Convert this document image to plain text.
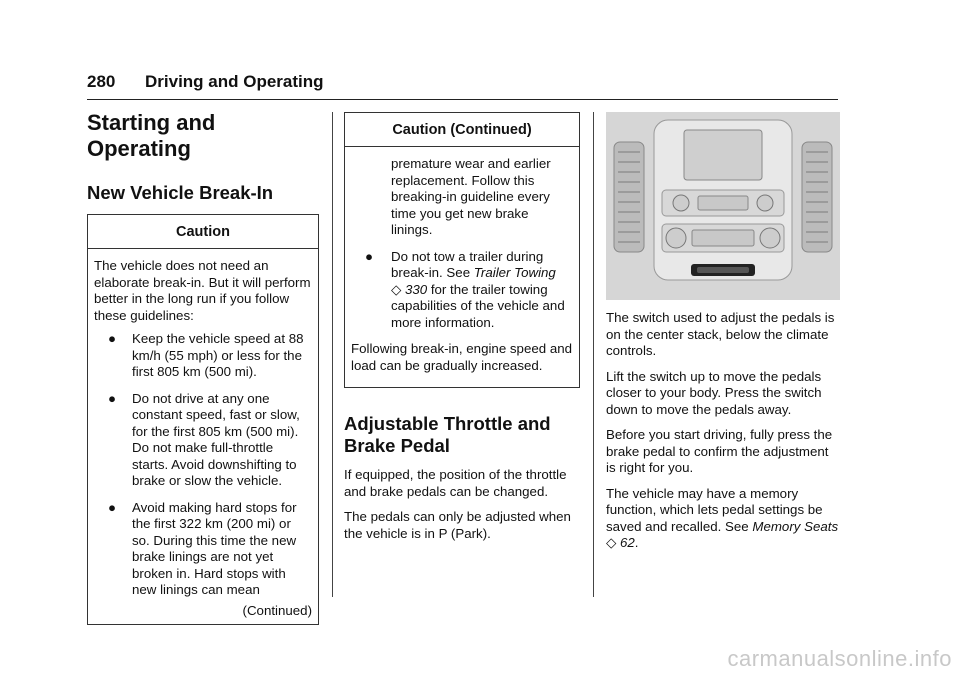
280 Driving and Operating
Starting and Operating
New Vehicle Break-In
Caution

The vehicle does not need an elaborate break-in. But it will perform better in the long run if you follow these guidelines:

● Keep the vehicle speed at 88 km/h (55 mph) or less for the first 805 km (500 mi).
● Do not drive at any one constant speed, fast or slow, for the first 805 km (500 mi). Do not make full-throttle starts. Avoid downshifting to brake or slow the vehicle.
● Avoid making hard stops for the first 322 km (200 mi) or so. During this time the new brake linings are not yet broken in. Hard stops with new linings can mean
(Continued)
Caution (Continued)
premature wear and earlier replacement. Follow this breaking-in guideline every time you get new brake linings.
● Do not tow a trailer during break-in. See Trailer Towing
◇ 330 for the trailer towing capabilities of the vehicle and more information.

Following break-in, engine speed and load can be gradually increased.

Adjustable Throttle and Brake Pedal

If equipped, the position of the throttle and brake pedals can be changed.

The pedals can only be adjusted when the vehicle is in P (Park).

The switch used to adjust the pedals is on the center stack, below the climate controls.

Lift the switch up to move the pedals closer to your body. Press the switch down to move the pedals away.

Before you start driving, fully press the brake pedal to confirm the adjustment is right for you.

The vehicle may have a memory function, which lets pedal settings be saved and recalled. See Memory Seats ◇ 62.

carmanualsonline.info
